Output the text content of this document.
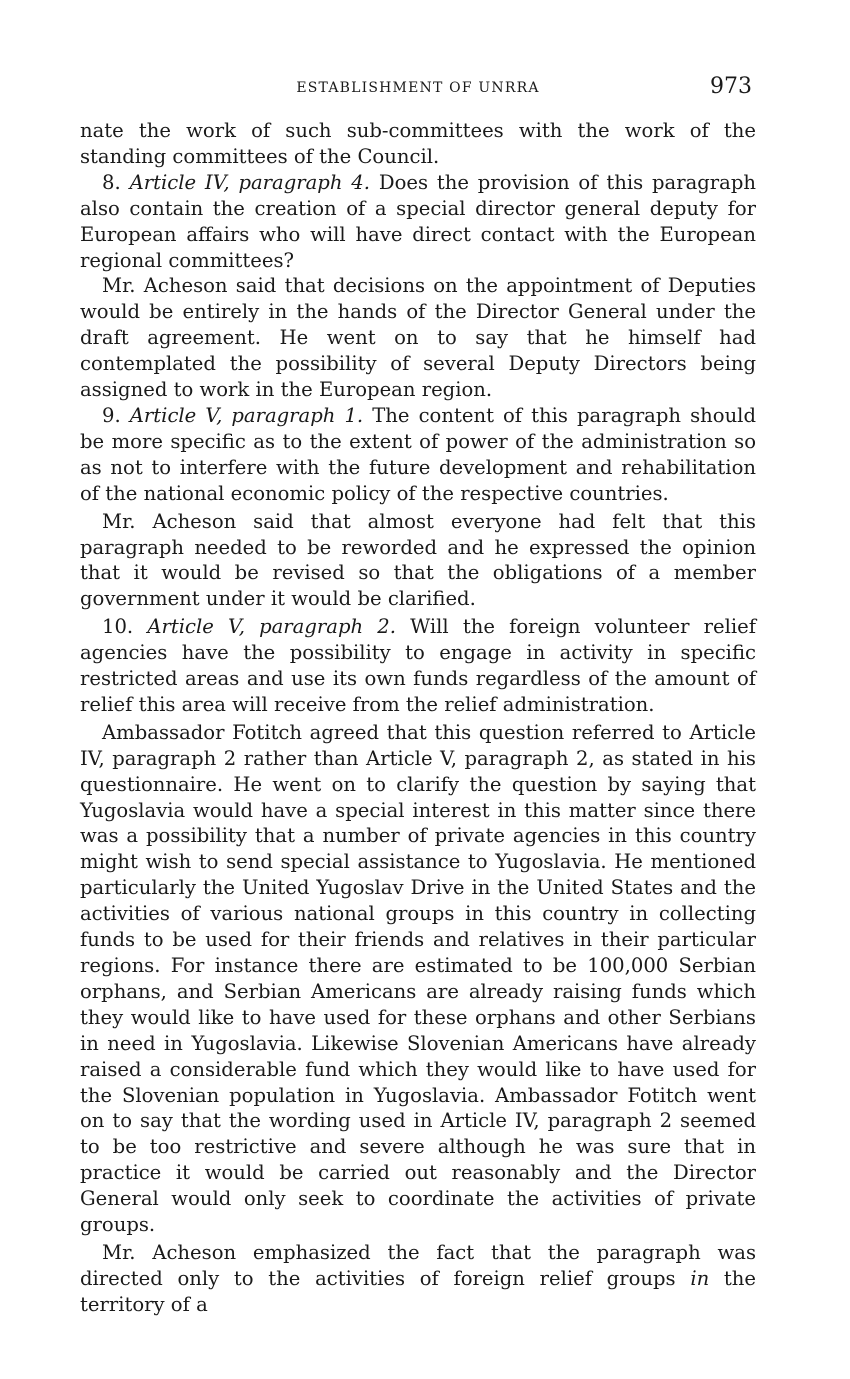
ESTABLISHMENT OF UNRRA	973

nate the work of such sub-committees with the work of the standing committees of the Council.

8. Article IV, paragraph 4. Does the provision of this paragraph also contain the creation of a special director general deputy for European affairs who will have direct contact with the European regional committees?

Mr. Acheson said that decisions on the appointment of Deputies would be entirely in the hands of the Director General under the draft agreement. He went on to say that he himself had contemplated the possibility of several Deputy Directors being assigned to work in the European region.

9. Article V, paragraph 1. The content of this paragraph should be more specific as to the extent of power of the administration so as not to interfere with the future development and rehabilitation of the national economic policy of the respective countries.

Mr. Acheson said that almost everyone had felt that this paragraph needed to be reworded and he expressed the opinion that it would be revised so that the obligations of a member government under it would be clarified.

10. Article V, paragraph 2. Will the foreign volunteer relief agencies have the possibility to engage in activity in specific restricted areas and use its own funds regardless of the amount of relief this area will receive from the relief administration.

Ambassador Fotitch agreed that this question referred to Article IV, paragraph 2 rather than Article V, paragraph 2, as stated in his questionnaire. He went on to clarify the question by saying that Yugoslavia would have a special interest in this matter since there was a possibility that a number of private agencies in this country might wish to send special assistance to Yugoslavia. He mentioned particularly the United Yugoslav Drive in the United States and the activities of various national groups in this country in collecting funds to be used for their friends and relatives in their particular regions. For instance there are estimated to be 100,000 Serbian orphans, and Serbian Americans are already raising funds which they would like to have used for these orphans and other Serbians in need in Yugoslavia. Likewise Slovenian Americans have already raised a considerable fund which they would like to have used for the Slovenian population in Yugoslavia. Ambassador Fotitch went on to say that the wording used in Article IV, paragraph 2 seemed to be too restrictive and severe although he was sure that in practice it would be carried out reasonably and the Director General would only seek to coordinate the activities of private groups.

Mr. Acheson emphasized the fact that the paragraph was directed only to the activities of foreign relief groups in the territory of a
